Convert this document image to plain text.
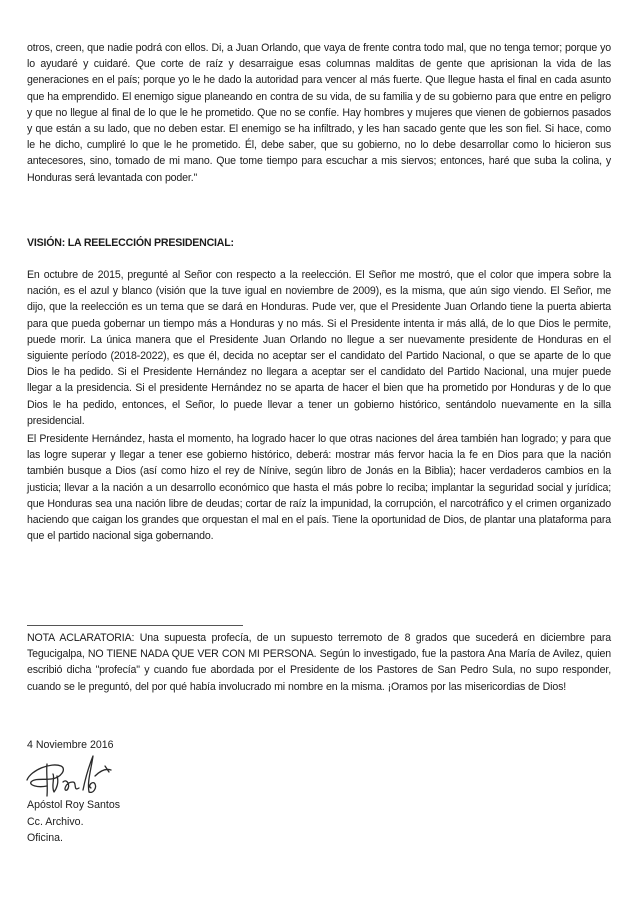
otros, creen, que nadie podrá con ellos. Di, a Juan Orlando, que vaya de frente contra todo mal, que no tenga temor; porque yo lo ayudaré y cuidaré. Que corte de raíz y desarraigue esas columnas malditas de gente que aprisionan la vida de las generaciones en el país; porque yo le he dado la autoridad para vencer al más fuerte. Que llegue hasta el final en cada asunto que ha emprendido. El enemigo sigue planeando en contra de su vida, de su familia y de su gobierno para que entre en peligro y que no llegue al final de lo que le he prometido. Que no se confíe. Hay hombres y mujeres que vienen de gobiernos pasados y que están a su lado, que no deben estar. El enemigo se ha infiltrado, y les han sacado gente que les son fiel. Si hace, como le he dicho, cumpliré lo que le he prometido. Él, debe saber, que su gobierno, no lo debe desarrollar como lo hicieron sus antecesores, sino, tomado de mi mano. Que tome tiempo para escuchar a mis siervos; entonces, haré que suba la colina, y Honduras será levantada con poder."

VISIÓN: LA REELECCIÓN PRESIDENCIAL:

En octubre de 2015, pregunté al Señor con respecto a la reelección. El Señor me mostró, que el color que impera sobre la nación, es el azul y blanco (visión que la tuve igual en noviembre de 2009), es la misma, que aún sigo viendo. El Señor, me dijo, que la reelección es un tema que se dará en Honduras. Pude ver, que el Presidente Juan Orlando tiene la puerta abierta para que pueda gobernar un tiempo más a Honduras y no más. Si el Presidente intenta ir más allá, de lo que Dios le permite, puede morir. La única manera que el Presidente Juan Orlando no llegue a ser nuevamente presidente de Honduras en el siguiente período (2018-2022), es que él, decida no aceptar ser el candidato del Partido Nacional, o que se aparte de lo que Dios le ha pedido. Si el Presidente Hernández no llegara a aceptar ser el candidato del Partido Nacional, una mujer puede llegar a la presidencia. Si el presidente Hernández no se aparta de hacer el bien que ha prometido por Honduras y de lo que Dios le ha pedido, entonces, el Señor, lo puede llevar a tener un gobierno histórico, sentándolo nuevamente en la silla presidencial.

El Presidente Hernández, hasta el momento, ha logrado hacer lo que otras naciones del área también han logrado; y para que las logre superar y llegar a tener ese gobierno histórico, deberá: mostrar más fervor hacia la fe en Dios para que la nación también busque a Dios (así como hizo el rey de Nínive, según libro de Jonás en la Biblia); hacer verdaderos cambios en la justicia; llevar a la nación a un desarrollo económico que hasta el más pobre lo reciba; implantar la seguridad social y jurídica; que Honduras sea una nación libre de deudas; cortar de raíz la impunidad, la corrupción, el narcotráfico y el crimen organizado haciendo que caigan los grandes que orquestan el mal en el país. Tiene la oportunidad de Dios, de plantar una plataforma para que el partido nacional siga gobernando.

NOTA ACLARATORIA: Una supuesta profecía, de un supuesto terremoto de 8 grados que sucederá en diciembre para Tegucigalpa, NO TIENE NADA QUE VER CON MI PERSONA. Según lo investigado, fue la pastora Ana María de Avilez, quien escribió dicha "profecía" y cuando fue abordada por el Presidente de los Pastores de San Pedro Sula, no supo responder, cuando se le preguntó, del por qué había involucrado mi nombre en la misma. ¡Oramos por las misericordias de Dios!

4 Noviembre 2016

Apóstol Roy Santos

Cc. Archivo.

Oficina.
